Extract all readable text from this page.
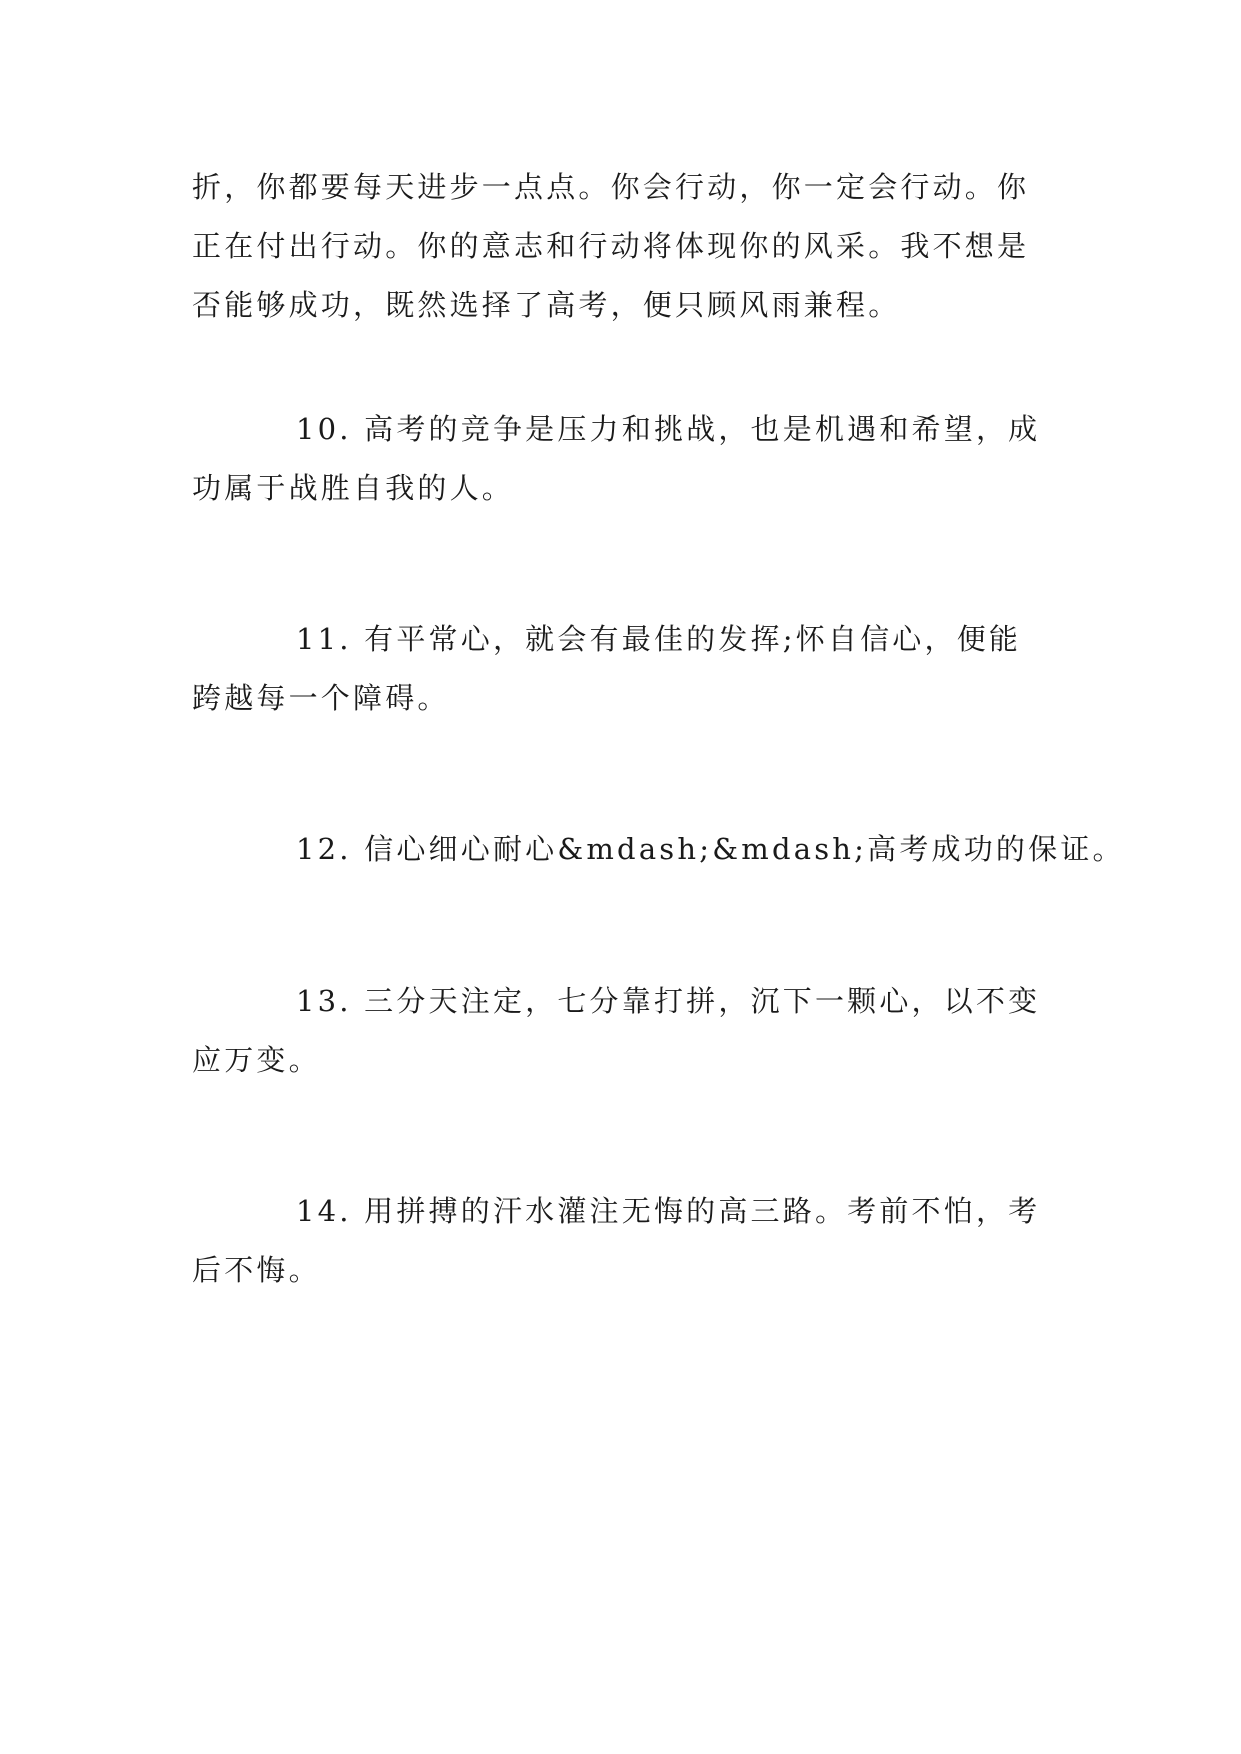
折，你都要每天进步一点点。你会行动，你一定会行动。你
正在付出行动。你的意志和行动将体现你的风采。我不想是
否能够成功，既然选择了高考，便只顾风雨兼程。
10. 高考的竞争是压力和挑战，也是机遇和希望，成
功属于战胜自我的人。
11. 有平常心，就会有最佳的发挥;怀自信心，便能
跨越每一个障碍。
12. 信心细心耐心&mdash;&mdash;高考成功的保证。
13. 三分天注定，七分靠打拼，沉下一颗心，以不变
应万变。
14. 用拼搏的汗水灌注无悔的高三路。考前不怕，考
后不悔。
